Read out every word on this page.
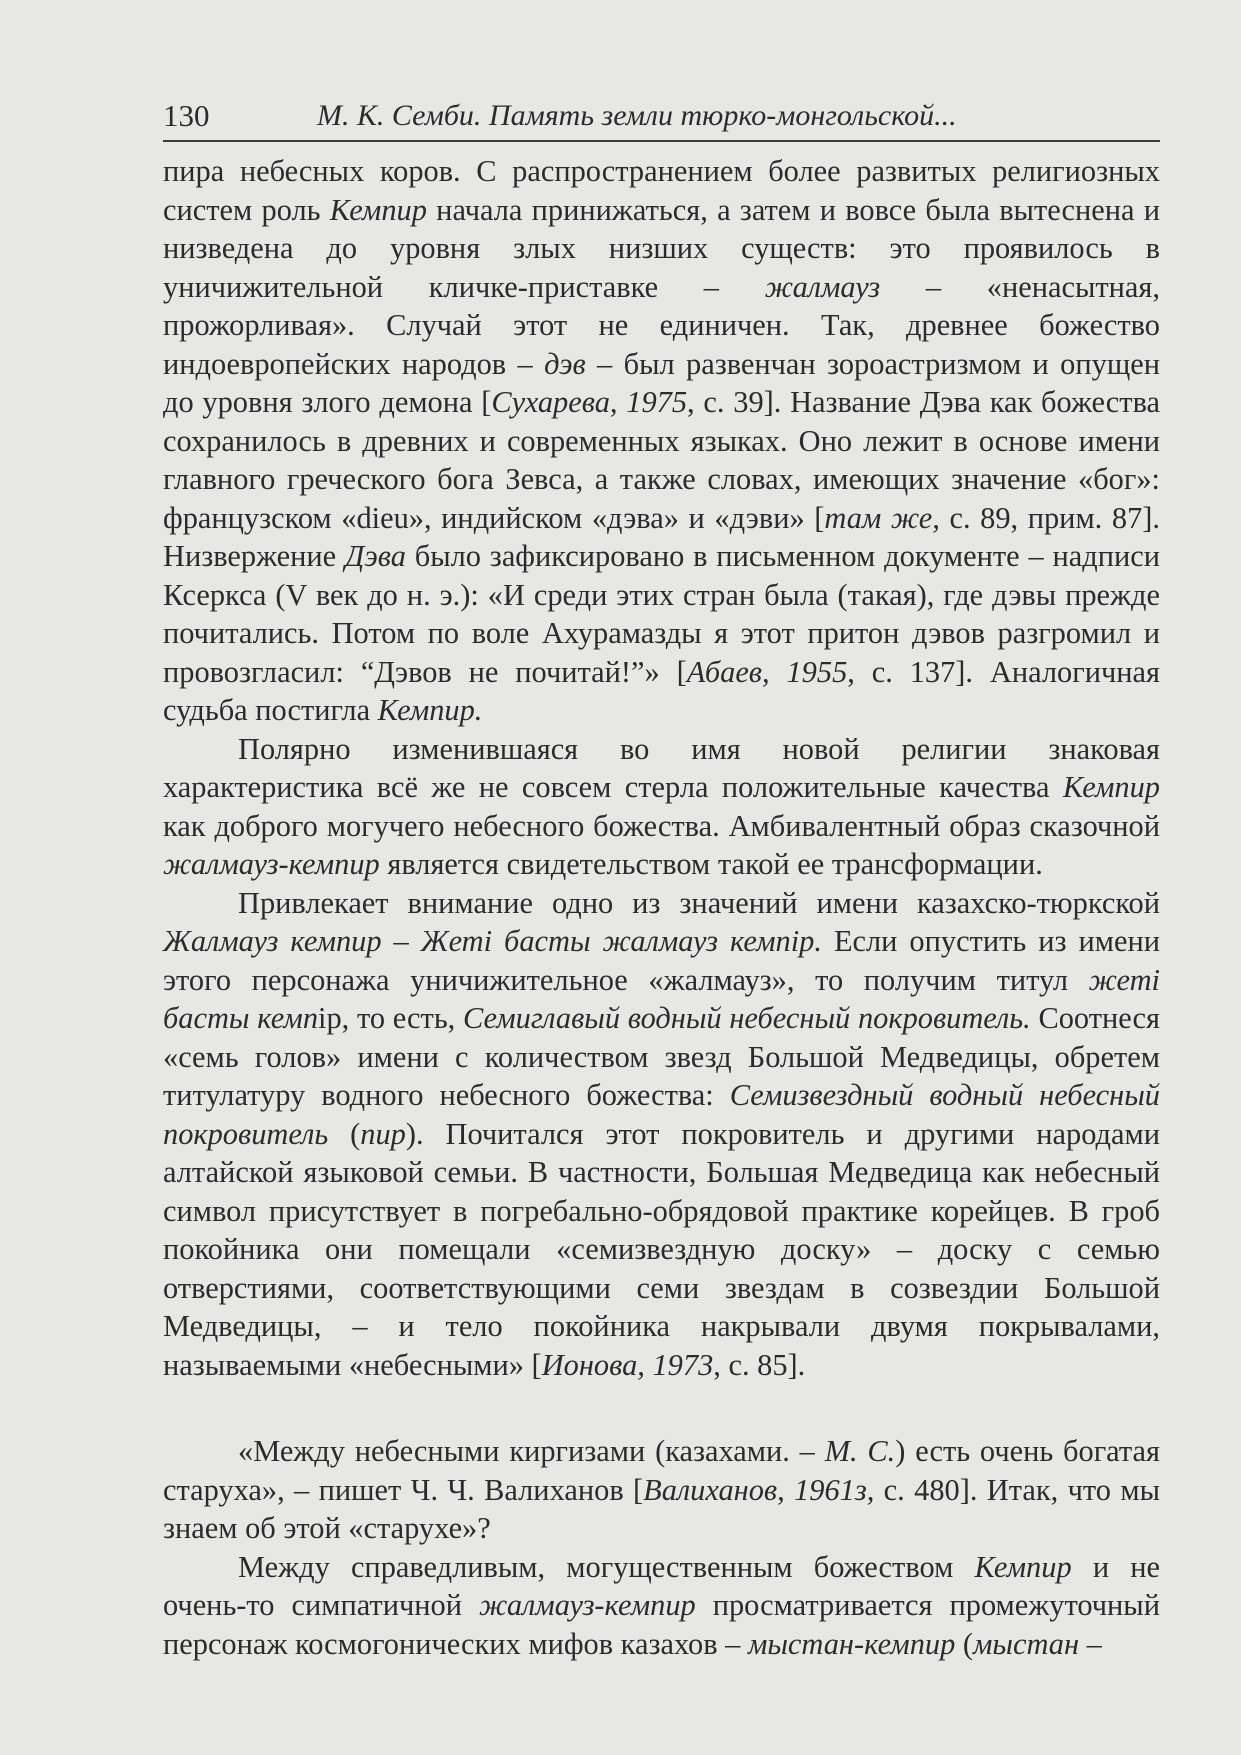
130	М. К. Семби. Память земли тюрко-монгольской...

пира небесных коров. С распространением более развитых религиозных систем роль Кемпир начала принижаться, а затем и вовсе была вытеснена и низведена до уровня злых низших существ: это проявилось в уничижительной кличке-приставке – жалмауз – «ненасытная, прожорливая». Случай этот не единичен. Так, древнее божество индоевропейских народов – дэв – был развенчан зороастризмом и опущен до уровня злого демона [Сухарева, 1975, с. 39]. Название Дэва как божества сохранилось в древних и современных языках. Оно лежит в основе имени главного греческого бога Зевса, а также словах, имеющих значение «бог»: французском «dieu», индийском «дэва» и «дэви» [там же, с. 89, прим. 87]. Низвержение Дэва было зафиксировано в письменном документе – надписи Ксеркса (V век до н. э.): «И среди этих стран была (такая), где дэвы прежде почитались. Потом по воле Ахурамазды я этот притон дэвов разгромил и провозгласил: “Дэвов не почитай!”» [Абаев, 1955, с. 137]. Аналогичная судьба постигла Кемпир.

Полярно изменившаяся во имя новой религии знаковая характеристика всё же не совсем стерла положительные качества Кемпир как доброго могучего небесного божества. Амбивалентный образ сказочной жалмауз-кемпир является свидетельством такой ее трансформации.

Привлекает внимание одно из значений имени казахско-тюркской Жалмауз кемпир – Жеті басты жалмауз кемпір. Если опустить из имени этого персонажа уничижительное «жалмауз», то получим титул жеті басты кемпір, то есть, Семиглавый водный небесный покровитель. Соотнеся «семь голов» имени с количеством звезд Большой Медведицы, обретем титулатуру водного небесного божества: Семизвездный водный небесный покровитель (пир). Почитался этот покровитель и другими народами алтайской языковой семьи. В частности, Большая Медведица как небесный символ присутствует в погребально-обрядовой практике корейцев. В гроб покойника они помещали «семизвездную доску» – доску с семью отверстиями, соответствующими семи звездам в созвездии Большой Медведицы, – и тело покойника накрывали двумя покрывалами, называемыми «небесными» [Ионова, 1973, с. 85].

«Между небесными киргизами (казахами. – М. С.) есть очень богатая старуха», – пишет Ч. Ч. Валиханов [Валиханов, 1961з, с. 480]. Итак, что мы знаем об этой «старухе»?

Между справедливым, могущественным божеством Кемпир и не очень-то симпатичной жалмауз-кемпир просматривается промежуточный персонаж космогонических мифов казахов – мыстан-кемпир (мыстан –
